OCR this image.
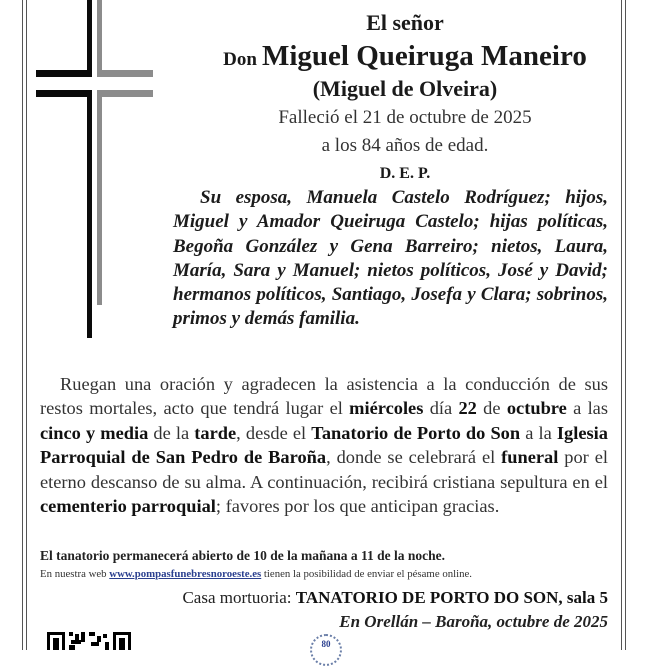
El señor
Don Miguel Queiruga Maneiro
(Miguel de Olveira)
Falleció el 21 de octubre de 2025
a los 84 años de edad.
D. E. P.
Su esposa, Manuela Castelo Rodríguez; hijos, Miguel y Amador Queiruga Castelo; hijas políticas, Begoña González y Gena Barreiro; nietos, Laura, María, Sara y Manuel; nietos políticos, José y David; hermanos políticos, Santiago, Josefa y Clara; sobrinos, primos y demás familia.
Ruegan una oración y agradecen la asistencia a la conducción de sus restos mortales, acto que tendrá lugar el miércoles día 22 de octubre a las cinco y media de la tarde, desde el Tanatorio de Porto do Son a la Iglesia Parroquial de San Pedro de Baroña, donde se celebrará el funeral por el eterno descanso de su alma. A continuación, recibirá cristiana sepultura en el cementerio parroquial; favores por los que anticipan gracias.
El tanatorio permanecerá abierto de 10 de la mañana a 11 de la noche.
En nuestra web www.pompasfunebresnoroeste.es tienen la posibilidad de enviar el pésame online.
Casa mortuoria: TANATORIO DE PORTO DO SON, sala 5
En Orellán – Baroña, octubre de 2025
80
